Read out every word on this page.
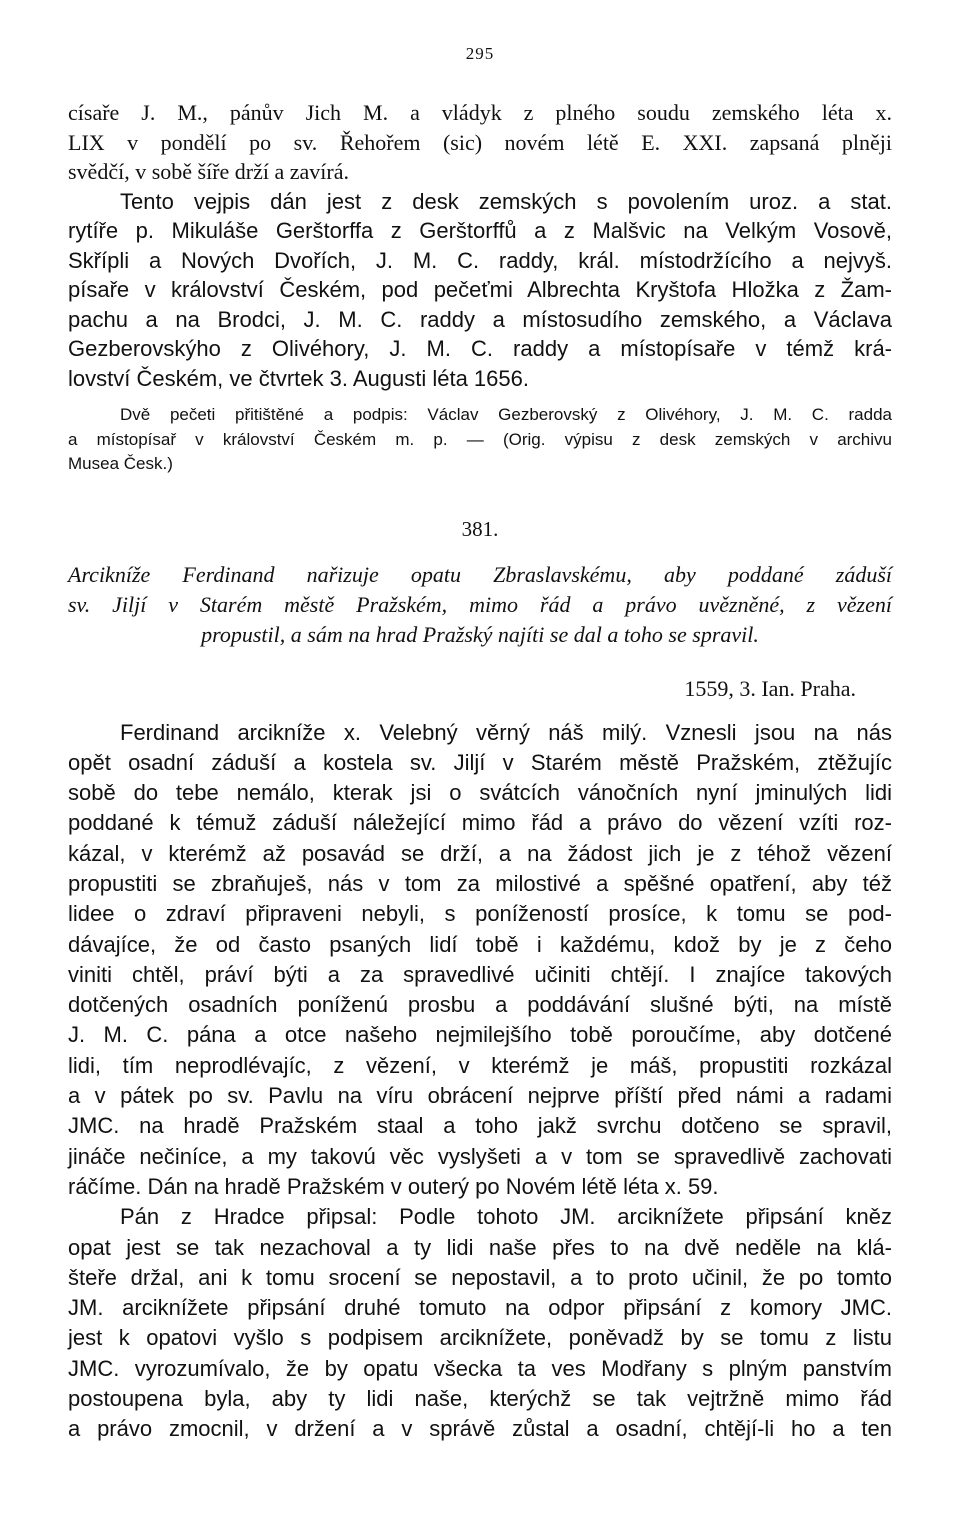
295
císaře J. M., pánův Jich M. a vládyk z plného soudu zemského léta x.
LIX v pondělí po sv. Řehořem (sic) novém létě E. XXI. zapsaná plněji
svědčí, v sobě šíře drží a zavírá.
Tento vejpis dán jest z desk zemských s povolením uroz. a stat.
rytíře p. Mikuláše Gerštorffa z Gerštorffů a z Malšvic na Velkým Vosově,
Skřípli a Nových Dvořích, J. M. C. raddy, král. místodržícího a nejvyš.
písaře v království Českém, pod pečeťmi Albrechta Kryštofa Hložka z Žam-
pachu a na Brodci, J. M. C. raddy a místosudího zemského, a Václava
Gezberovskýho z Olivéhory, J. M. C. raddy a místopísaře v témž krá-
lovství Českém, ve čtvrtek 3. Augusti léta 1656.
Dvě pečeti přitištěné a podpis: Václav Gezberovský z Olivéhory, J. M. C. radda
a místopísař v království Českém m. p. — (Orig. výpisu z desk zemských v archivu
Musea Česk.)
381.
Arcikníže Ferdinand nařizuje opatu Zbraslavskému, aby poddané záduší
sv. Jiljí v Starém městě Pražském, mimo řád a právo uvězněné, z vězení
propustil, a sám na hrad Pražský najíti se dal a toho se spravil.
1559, 3. Ian. Praha.
Ferdinand arcikníže x. Velebný věrný náš milý. Vznesli jsou na nás
opět osadní záduší a kostela sv. Jiljí v Starém městě Pražském, ztěžujíc
sobě do tebe nemálo, kterak jsi o svátcích vánočních nyní jminulých lidi
poddané k témuž záduší náležející mimo řád a právo do vězení vzíti roz-
kázal, v kterémž až posavád se drží, a na žádost jich je z téhož vězení
propustiti se zbraňuješ, nás v tom za milostivé a spěšné opatření, aby též
lidee o zdraví připraveni nebyli, s ponížeností prosíce, k tomu se pod-
dávajíce, že od často psaných lidí tobě i každému, kdož by je z čeho
viniti chtěl, práví býti a za spravedlivé učiniti chtějí. I znajíce takových
dotčených osadních poníženú prosbu a poddávání slušné býti, na místě
J. M. C. pána a otce našeho nejmilejšího tobě poroučíme, aby dotčené
lidi, tím neprodlévajíc, z vězení, v kterémž je máš, propustiti rozkázal
a v pátek po sv. Pavlu na víru obrácení nejprve příští před námi a radami
JMC. na hradě Pražském staal a toho jakž svrchu dotčeno se spravil,
jináče nečiníce, a my takovú věc vyslyšeti a v tom se spravedlivě zachovati
ráčíme. Dán na hradě Pražském v outerý po Novém létě léta x. 59.
Pán z Hradce připsal: Podle tohoto JM. arciknížete připsání kněz
opat jest se tak nezachoval a ty lidi naše přes to na dvě neděle na klá-
šteře držal, ani k tomu srocení se nepostavil, a to proto učinil, že po tomto
JM. arciknížete připsání druhé tomuto na odpor připsání z komory JMC.
jest k opatovi vyšlo s podpisem arciknížete, poněvadž by se tomu z listu
JMC. vyrozumívalo, že by opatu všecka ta ves Modřany s plným panstvím
postoupena byla, aby ty lidi naše, kterýchž se tak vejtržně mimo řád
a právo zmocnil, v držení a v správě zůstal a osadní, chtějí-li ho a ten
